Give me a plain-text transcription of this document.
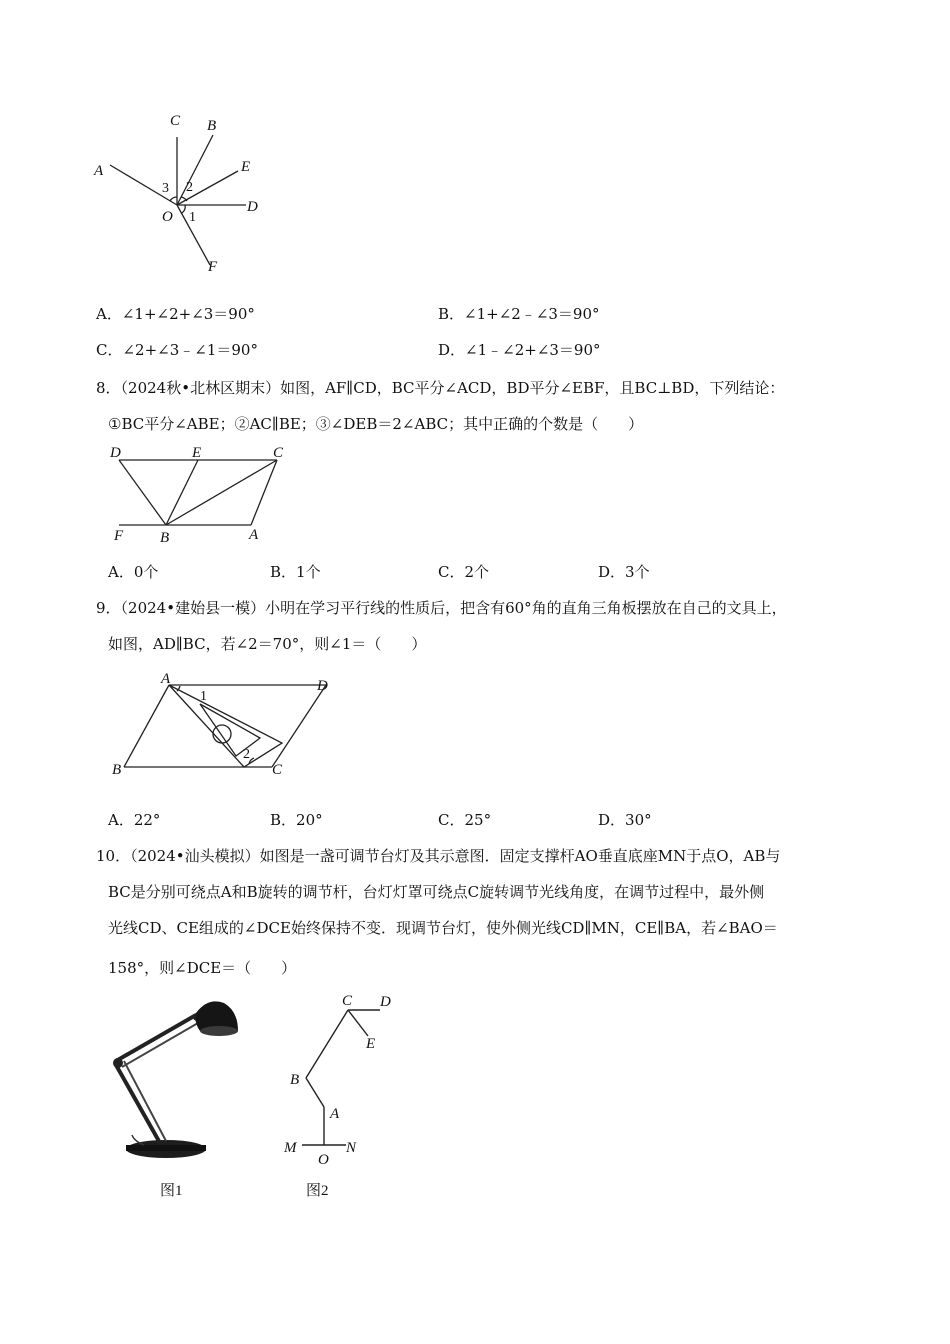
C B
E
A
D
O
F
3 2
1
A．∠1+∠2+∠3＝90°	B．∠1+∠2﹣∠3＝90°
C．∠2+∠3﹣∠1＝90°	D．∠1﹣∠2+∠3＝90°
8．（2024秋•北林区期末）如图，AF∥CD，BC平分∠ACD，BD平分∠EBF，且BC⊥BD，下列结论：
①BC平分∠ABE；②AC∥BE；③∠DEB＝2∠ABC；其中正确的个数是（　　）
D	E	C
F B	A
A．0个	B．1个	C．2个	D．3个
9．（2024•建始县一模）小明在学习平行线的性质后，把含有60°角的直角三角板摆放在自己的文具上，
如图，AD∥BC，若∠2＝70°，则∠1＝（　　）
A	D
B	C
1
2
A．22°	B．20°	C．25°	D．30°
10．（2024•汕头模拟）如图是一盏可调节台灯及其示意图．固定支撑杆AO垂直底座MN于点O，AB与
BC是分别可绕点A和B旋转的调节杆，台灯灯罩可绕点C旋转调节光线角度，在调节过程中，最外侧
光线CD、CE组成的∠DCE始终保持不变．现调节台灯，使外侧光线CD∥MN，CE∥BA，若∠BAO＝
158°，则∠DCE＝（　　）
图1
C D
E
B
A
M
O
N
图2
